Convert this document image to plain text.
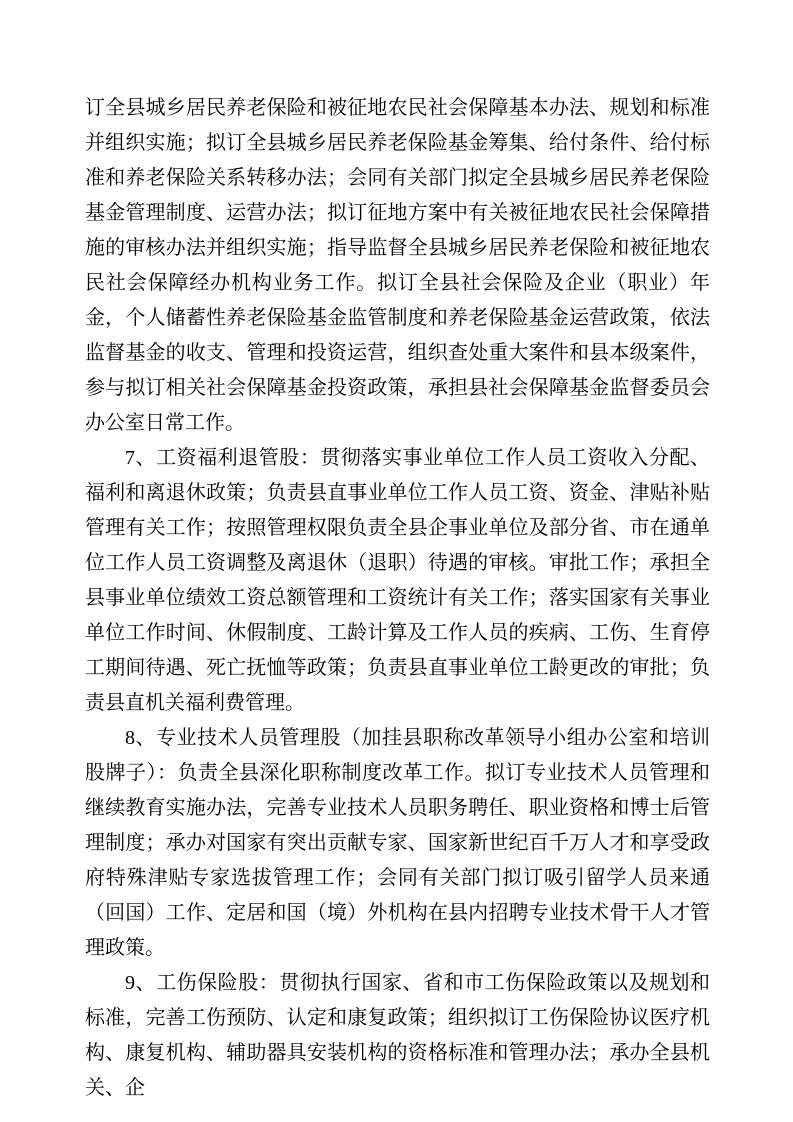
订全县城乡居民养老保险和被征地农民社会保障基本办法、规划和标准并组织实施；拟订全县城乡居民养老保险基金筹集、给付条件、给付标准和养老保险关系转移办法；会同有关部门拟定全县城乡居民养老保险基金管理制度、运营办法；拟订征地方案中有关被征地农民社会保障措施的审核办法并组织实施；指导监督全县城乡居民养老保险和被征地农民社会保障经办机构业务工作。拟订全县社会保险及企业（职业）年金，个人储蓄性养老保险基金监管制度和养老保险基金运营政策，依法监督基金的收支、管理和投资运营，组织查处重大案件和县本级案件，参与拟订相关社会保障基金投资政策，承担县社会保障基金监督委员会办公室日常工作。

7、工资福利退管股：贯彻落实事业单位工作人员工资收入分配、福利和离退休政策；负责县直事业单位工作人员工资、资金、津贴补贴管理有关工作；按照管理权限负责全县企事业单位及部分省、市在通单位工作人员工资调整及离退休（退职）待遇的审核。审批工作；承担全县事业单位绩效工资总额管理和工资统计有关工作；落实国家有关事业单位工作时间、休假制度、工龄计算及工作人员的疾病、工伤、生育停工期间待遇、死亡抚恤等政策；负责县直事业单位工龄更改的审批；负责县直机关福利费管理。

8、专业技术人员管理股（加挂县职称改革领导小组办公室和培训股牌子）：负责全县深化职称制度改革工作。拟订专业技术人员管理和继续教育实施办法，完善专业技术人员职务聘任、职业资格和博士后管理制度；承办对国家有突出贡献专家、国家新世纪百千万人才和享受政府特殊津贴专家选拔管理工作；会同有关部门拟订吸引留学人员来通（回国）工作、定居和国（境）外机构在县内招聘专业技术骨干人才管理政策。

9、工伤保险股：贯彻执行国家、省和市工伤保险政策以及规划和标准，完善工伤预防、认定和康复政策；组织拟订工伤保险协议医疗机构、康复机构、辅助器具安装机构的资格标准和管理办法；承办全县机关、企
